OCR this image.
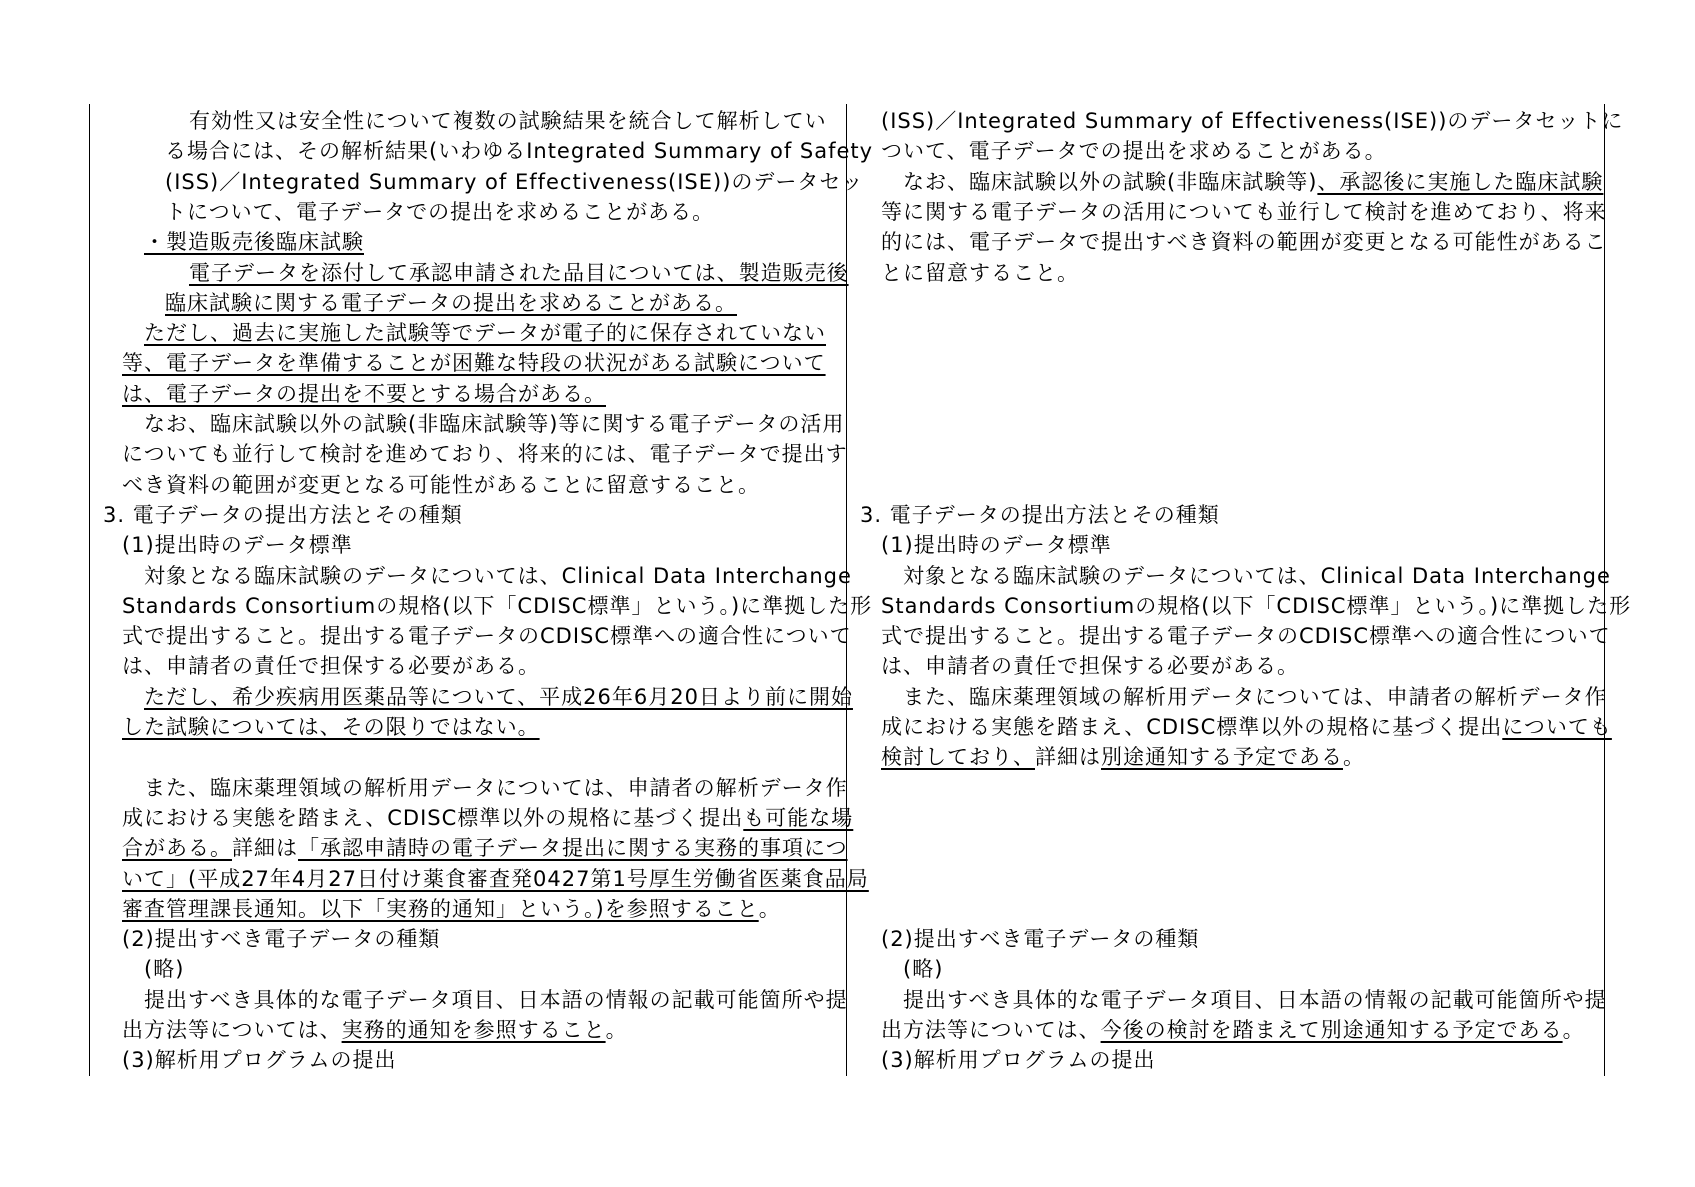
有効性又は安全性について複数の試験結果を統合して解析してい
る場合には、その解析結果(いわゆるIntegrated Summary of Safety
(ISS)／Integrated Summary of Effectiveness(ISE))のデータセッ
トについて、電子データでの提出を求めることがある。
・製造販売後臨床試験
電子データを添付して承認申請された品目については、製造販売後
臨床試験に関する電子データの提出を求めることがある。
ただし、過去に実施した試験等でデータが電子的に保存されていない
等、電子データを準備することが困難な特段の状況がある試験について
は、電子データの提出を不要とする場合がある。
なお、臨床試験以外の試験(非臨床試験等)等に関する電子データの活用
についても並行して検討を進めており、将来的には、電子データで提出す
べき資料の範囲が変更となる可能性があることに留意すること。
3. 電子データの提出方法とその種類
(1)提出時のデータ標準
対象となる臨床試験のデータについては、Clinical Data Interchange
Standards Consortiumの規格(以下「CDISC標準」という。)に準拠した形
式で提出すること。提出する電子データのCDISC標準への適合性について
は、申請者の責任で担保する必要がある。
ただし、希少疾病用医薬品等について、平成26年6月20日より前に開始
した試験については、その限りではない。
また、臨床薬理領域の解析用データについては、申請者の解析データ作
成における実態を踏まえ、CDISC標準以外の規格に基づく提出も可能な場
合がある。詳細は「承認申請時の電子データ提出に関する実務的事項につ
いて」(平成27年4月27日付け薬食審査発0427第1号厚生労働省医薬食品局
審査管理課長通知。以下「実務的通知」という。)を参照すること。
(2)提出すべき電子データの種類
(略)
提出すべき具体的な電子データ項目、日本語の情報の記載可能箇所や提
出方法等については、実務的通知を参照すること。
(3)解析用プログラムの提出
(ISS)／Integrated Summary of Effectiveness(ISE))のデータセットに
ついて、電子データでの提出を求めることがある。
なお、臨床試験以外の試験(非臨床試験等)、承認後に実施した臨床試験
等に関する電子データの活用についても並行して検討を進めており、将来
的には、電子データで提出すべき資料の範囲が変更となる可能性があるこ
とに留意すること。
3. 電子データの提出方法とその種類
(1)提出時のデータ標準
対象となる臨床試験のデータについては、Clinical Data Interchange
Standards Consortiumの規格(以下「CDISC標準」という。)に準拠した形
式で提出すること。提出する電子データのCDISC標準への適合性について
は、申請者の責任で担保する必要がある。
また、臨床薬理領域の解析用データについては、申請者の解析データ作
成における実態を踏まえ、CDISC標準以外の規格に基づく提出についても
検討しており、詳細は別途通知する予定である。
(2)提出すべき電子データの種類
(略)
提出すべき具体的な電子データ項目、日本語の情報の記載可能箇所や提
出方法等については、今後の検討を踏まえて別途通知する予定である。
(3)解析用プログラムの提出
